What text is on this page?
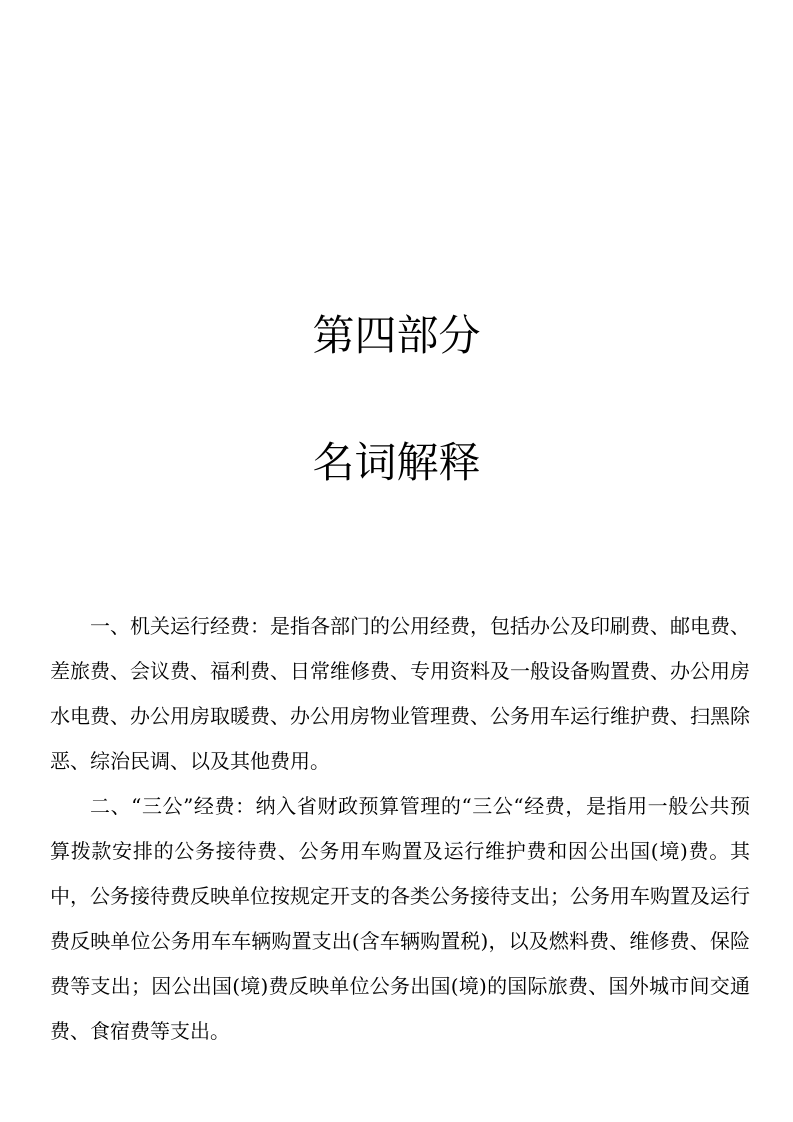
第四部分
名词解释

一、机关运行经费：是指各部门的公用经费，包括办公及印刷费、邮电费、差旅费、会议费、福利费、日常维修费、专用资料及一般设备购置费、办公用房水电费、办公用房取暖费、办公用房物业管理费、公务用车运行维护费、扫黑除恶、综治民调、以及其他费用。

二、“三公”经费：纳入省财政预算管理的“三公“经费，是指用一般公共预算拨款安排的公务接待费、公务用车购置及运行维护费和因公出国(境)费。其中，公务接待费反映单位按规定开支的各类公务接待支出；公务用车购置及运行费反映单位公务用车车辆购置支出(含车辆购置税)，以及燃料费、维修费、保险费等支出；因公出国(境)费反映单位公务出国(境)的国际旅费、国外城市间交通费、食宿费等支出。
